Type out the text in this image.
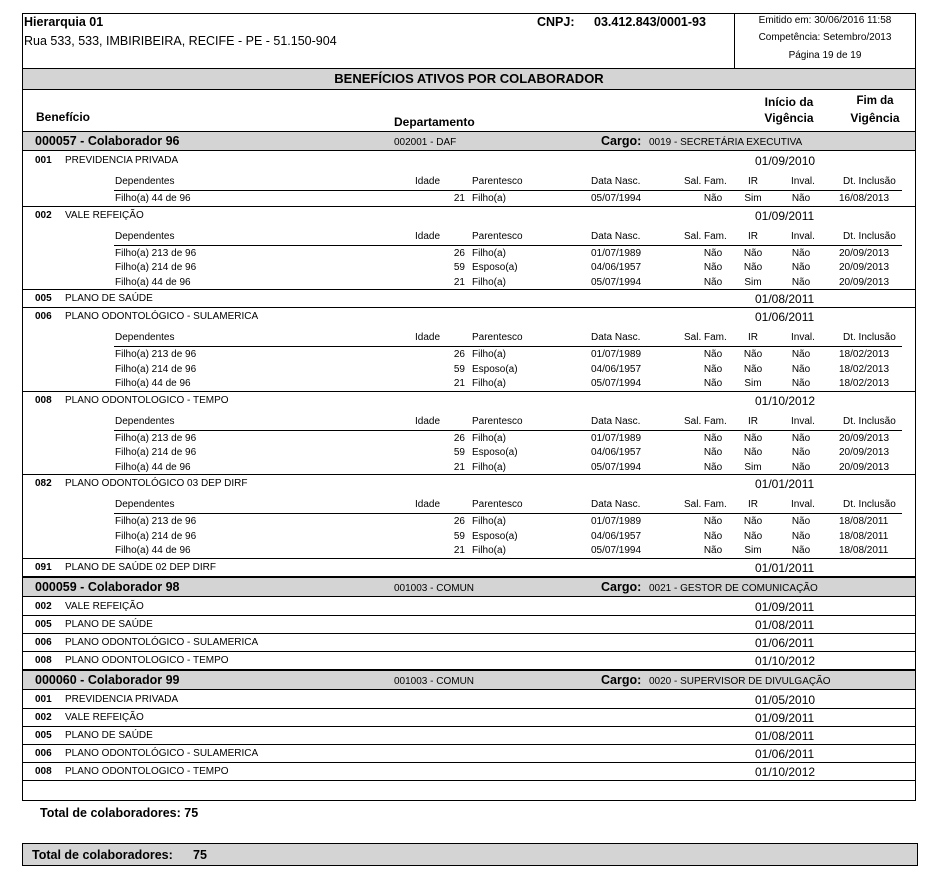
Hierarquia 01
Rua 533, 533, IMBIRIBEIRA, RECIFE - PE - 51.150-904
CNPJ: 03.412.843/0001-93	Emitido em: 30/06/2016 11:58
Competência: Setembro/2013
Página 19 de 19
BENEFÍCIOS ATIVOS POR COLABORADOR
Benefício	Departamento
Início da
Vigência
Fim da
Vigência
000057 - Colaborador 96	002001 - DAF	Cargo: 0019 - SECRETÁRIA EXECUTIVA
001 PREVIDENCIA PRIVADA	01/09/2010
Dependentes	Idade	Parentesco	Data Nasc.	Sal. Fam. IR	Inval.	Dt. Inclusão
Filho(a) 44 de 96	21 Filho(a)	05/07/1994	Não	Sim	Não	16/08/2013
002 VALE REFEIÇÃO	01/09/2011
Dependentes	Idade	Parentesco	Data Nasc.	Sal. Fam. IR	Inval.	Dt. Inclusão
Filho(a) 213 de 96	26 Filho(a)	01/07/1989	Não	Não	Não	20/09/2013
Filho(a) 214 de 96	59 Esposo(a)	04/06/1957	Não	Não	Não	20/09/2013
Filho(a) 44 de 96	21 Filho(a)	05/07/1994	Não	Sim	Não	20/09/2013
005 PLANO DE SAÚDE	01/08/2011
006 PLANO ODONTOLÓGICO - SULAMERICA	01/06/2011
Dependentes	Idade	Parentesco	Data Nasc.	Sal. Fam. IR	Inval.	Dt. Inclusão
Filho(a) 213 de 96	26 Filho(a)	01/07/1989	Não	Não	Não	18/02/2013
Filho(a) 214 de 96	59 Esposo(a)	04/06/1957	Não	Não	Não	18/02/2013
Filho(a) 44 de 96	21 Filho(a)	05/07/1994	Não	Sim	Não	18/02/2013
008 PLANO ODONTOLOGICO - TEMPO	01/10/2012
Dependentes	Idade	Parentesco	Data Nasc.	Sal. Fam. IR	Inval.	Dt. Inclusão
Filho(a) 213 de 96	26 Filho(a)	01/07/1989	Não	Não	Não	20/09/2013
Filho(a) 214 de 96	59 Esposo(a)	04/06/1957	Não	Não	Não	20/09/2013
Filho(a) 44 de 96	21 Filho(a)	05/07/1994	Não	Sim	Não	20/09/2013
082 PLANO ODONTOLÓGICO 03 DEP DIRF	01/01/2011
Dependentes	Idade	Parentesco	Data Nasc.	Sal. Fam. IR	Inval.	Dt. Inclusão
Filho(a) 213 de 96	26 Filho(a)	01/07/1989	Não	Não	Não	18/08/2011
Filho(a) 214 de 96	59 Esposo(a)	04/06/1957	Não	Não	Não	18/08/2011
Filho(a) 44 de 96	21 Filho(a)	05/07/1994	Não	Sim	Não	18/08/2011
091 PLANO DE SAÚDE 02 DEP DIRF	01/01/2011
000059 - Colaborador 98	001003 - COMUN	Cargo: 0021 - GESTOR DE COMUNICAÇÃO
002 VALE REFEIÇÃO	01/09/2011
005 PLANO DE SAÚDE	01/08/2011
006 PLANO ODONTOLÓGICO - SULAMERICA	01/06/2011
008 PLANO ODONTOLOGICO - TEMPO	01/10/2012
000060 - Colaborador 99	001003 - COMUN	Cargo: 0020 - SUPERVISOR DE DIVULGAÇÃO
001 PREVIDENCIA PRIVADA	01/05/2010
002 VALE REFEIÇÃO	01/09/2011
005 PLANO DE SAÚDE	01/08/2011
006 PLANO ODONTOLÓGICO - SULAMERICA	01/06/2011
008 PLANO ODONTOLOGICO - TEMPO	01/10/2012
Total de colaboradores: 75
Total de colaboradores: 75
